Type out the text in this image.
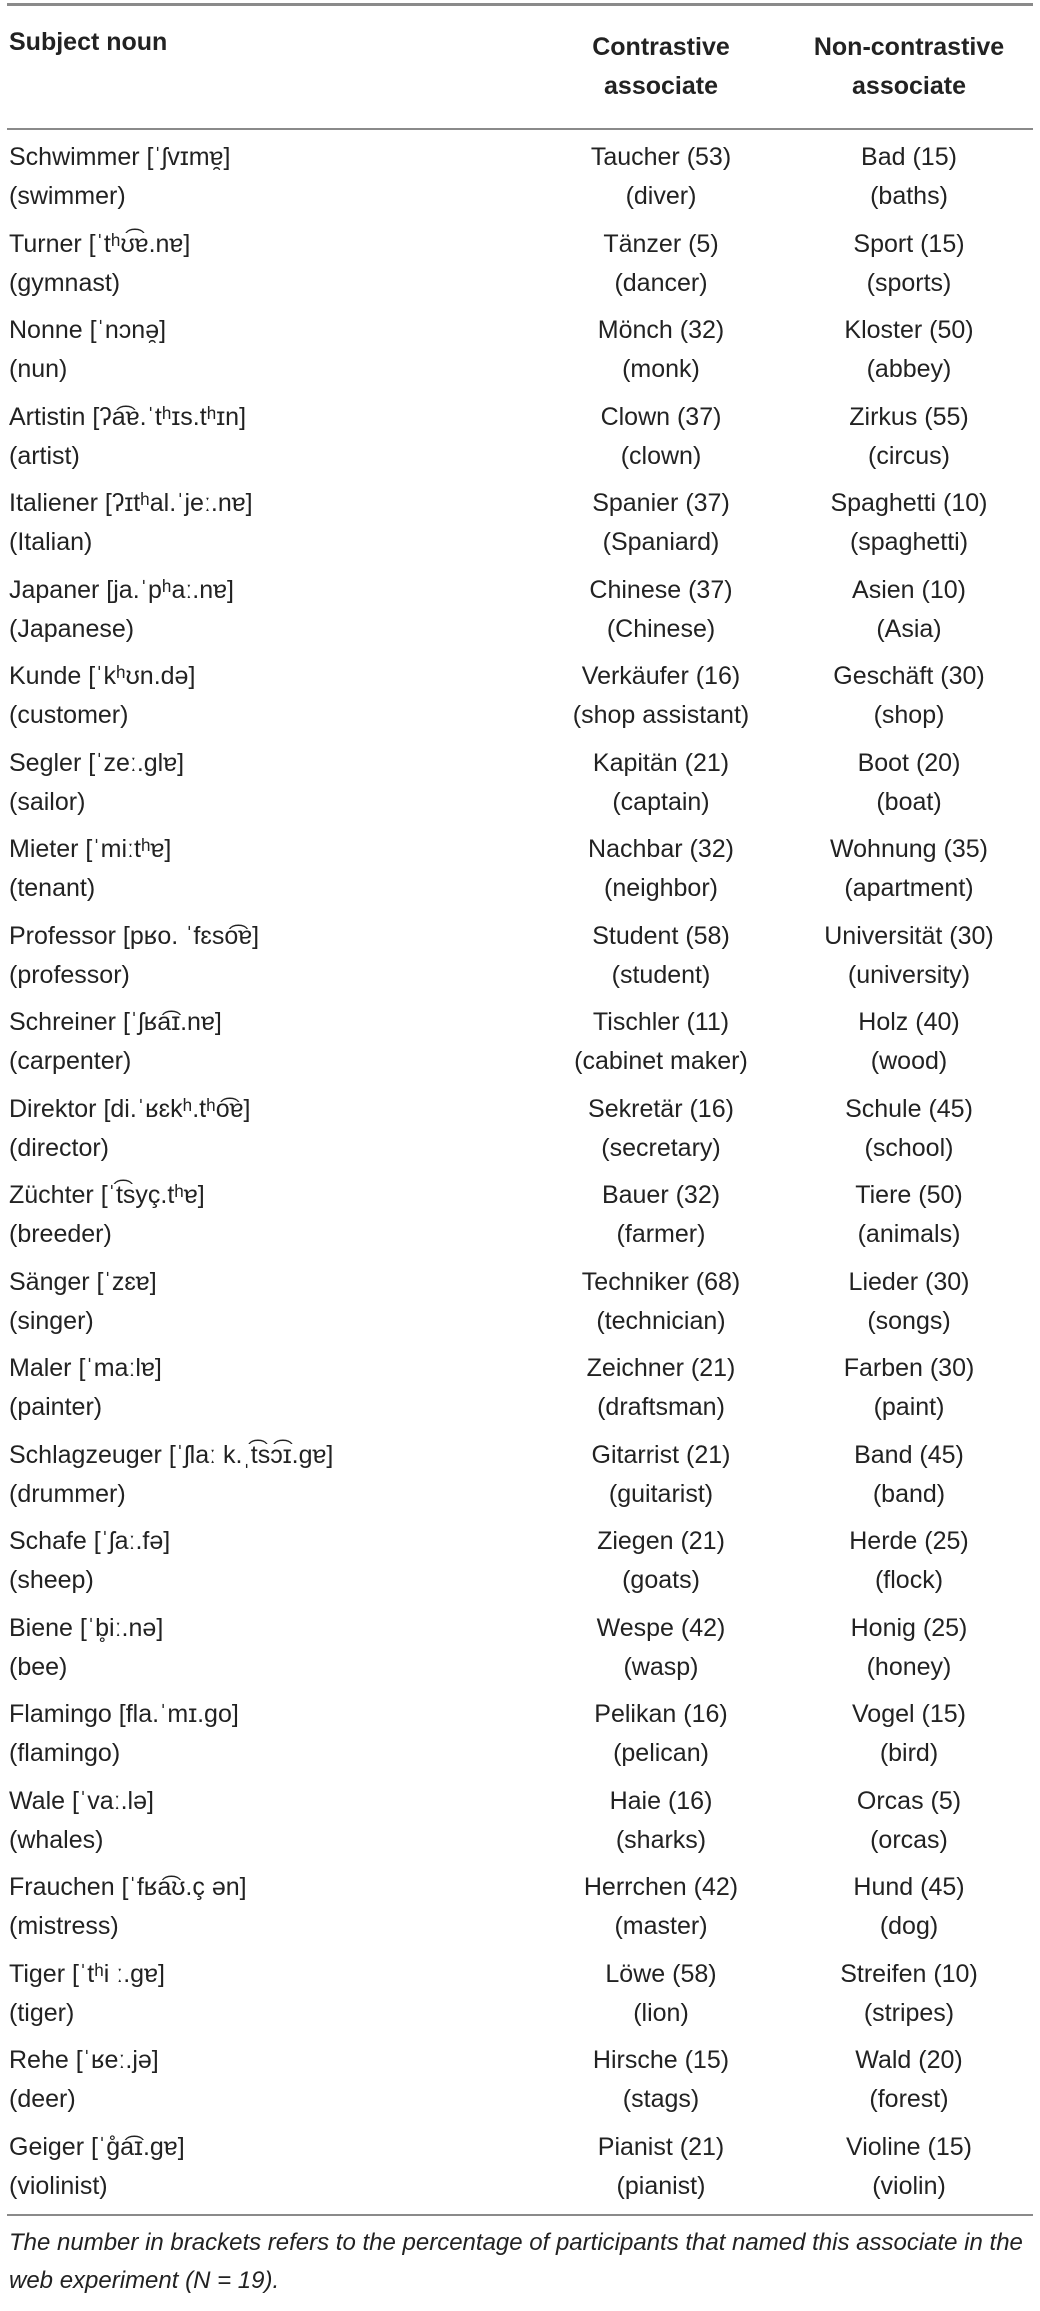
Subject noun	Contrastive
associate
Non-contrastive
associate
Schwimmer [ˈʃvɪmɐ̯]
(swimmer)
Taucher (53)
(diver)
Bad (15)
(baths)
Turner [ˈtʰʊ͡ɐ.nɐ]
(gymnast)
Tänzer (5)
(dancer)
Sport (15)
(sports)
Nonne [ˈnɔnə̯]
(nun)
Mönch (32)
(monk)
Kloster (50)
(abbey)
Artistin [ʔa͡ɐ.ˈtʰɪs.tʰɪn]
(artist)
Clown (37)
(clown)
Zirkus (55)
(circus)
Italiener [ʔɪtʰal.ˈjeː.nɐ]
(Italian)
Spanier (37)
(Spaniard)
Spaghetti (10)
(spaghetti)
Japaner [ja.ˈpʰaː.nɐ]
(Japanese)
Chinese (37)
(Chinese)
Asien (10)
(Asia)
Kunde [ˈkʰʊn.də]
(customer)
Verkäufer (16)
(shop assistant)
Geschäft (30)
(shop)
Segler [ˈzeː.glɐ]
(sailor)
Kapitän (21)
(captain)
Boot (20)
(boat)
Mieter [ˈmiːtʰɐ]
(tenant)
Nachbar (32)
(neighbor)
Wohnung (35)
(apartment)
Professor [pʁo. ˈfɛso͡ɐ]
(professor)
Student (58)
(student)
Universität (30)
(university)
Schreiner [ˈʃʁa͡ɪ.nɐ]
(carpenter)
Tischler (11)
(cabinet maker)
Holz (40)
(wood)
Direktor [di.ˈʁɛkʰ.tʰo͡ɐ]
(director)
Sekretär (16)
(secretary)
Schule (45)
(school)
Züchter [ˈt͡syç.tʰɐ]
(breeder)
Bauer (32)
(farmer)
Tiere (50)
(animals)
Sänger [ˈzɛɐ]
(singer)
Techniker (68)
(technician)
Lieder (30)
(songs)
Maler [ˈmaːlɐ]
(painter)
Zeichner (21)
(draftsman)
Farben (30)
(paint)
Schlagzeuger [ˈʃlaː k.ˌt͡sɔ͡ɪ.gɐ]
(drummer)
Gitarrist (21)
(guitarist)
Band (45)
(band)
Schafe [ˈʃaː.fə]
(sheep)
Ziegen (21)
(goats)
Herde (25)
(flock)
Biene [ˈb̥iː.nə]
(bee)
Wespe (42)
(wasp)
Honig (25)
(honey)
Flamingo [fla.ˈmɪ.go]
(flamingo)
Pelikan (16)
(pelican)
Vogel (15)
(bird)
Wale [ˈvaː.lə]
(whales)
Haie (16)
(sharks)
Orcas (5)
(orcas)
Frauchen [ˈfʁa͡ʊ.ç ən]
(mistress)
Herrchen (42)
(master)
Hund (45)
(dog)
Tiger [ˈtʰi ː.gɐ]
(tiger)
Löwe (58)
(lion)
Streifen (10)
(stripes)
Rehe [ˈʁeː.jə]
(deer)
Hirsche (15)
(stags)
Wald (20)
(forest)
Geiger [ˈg̊a͡ɪ.gɐ]
(violinist)
Pianist (21)
(pianist)
Violine (15)
(violin)
The number in brackets refers to the percentage of participants that named this associate in the web experiment (N = 19).
